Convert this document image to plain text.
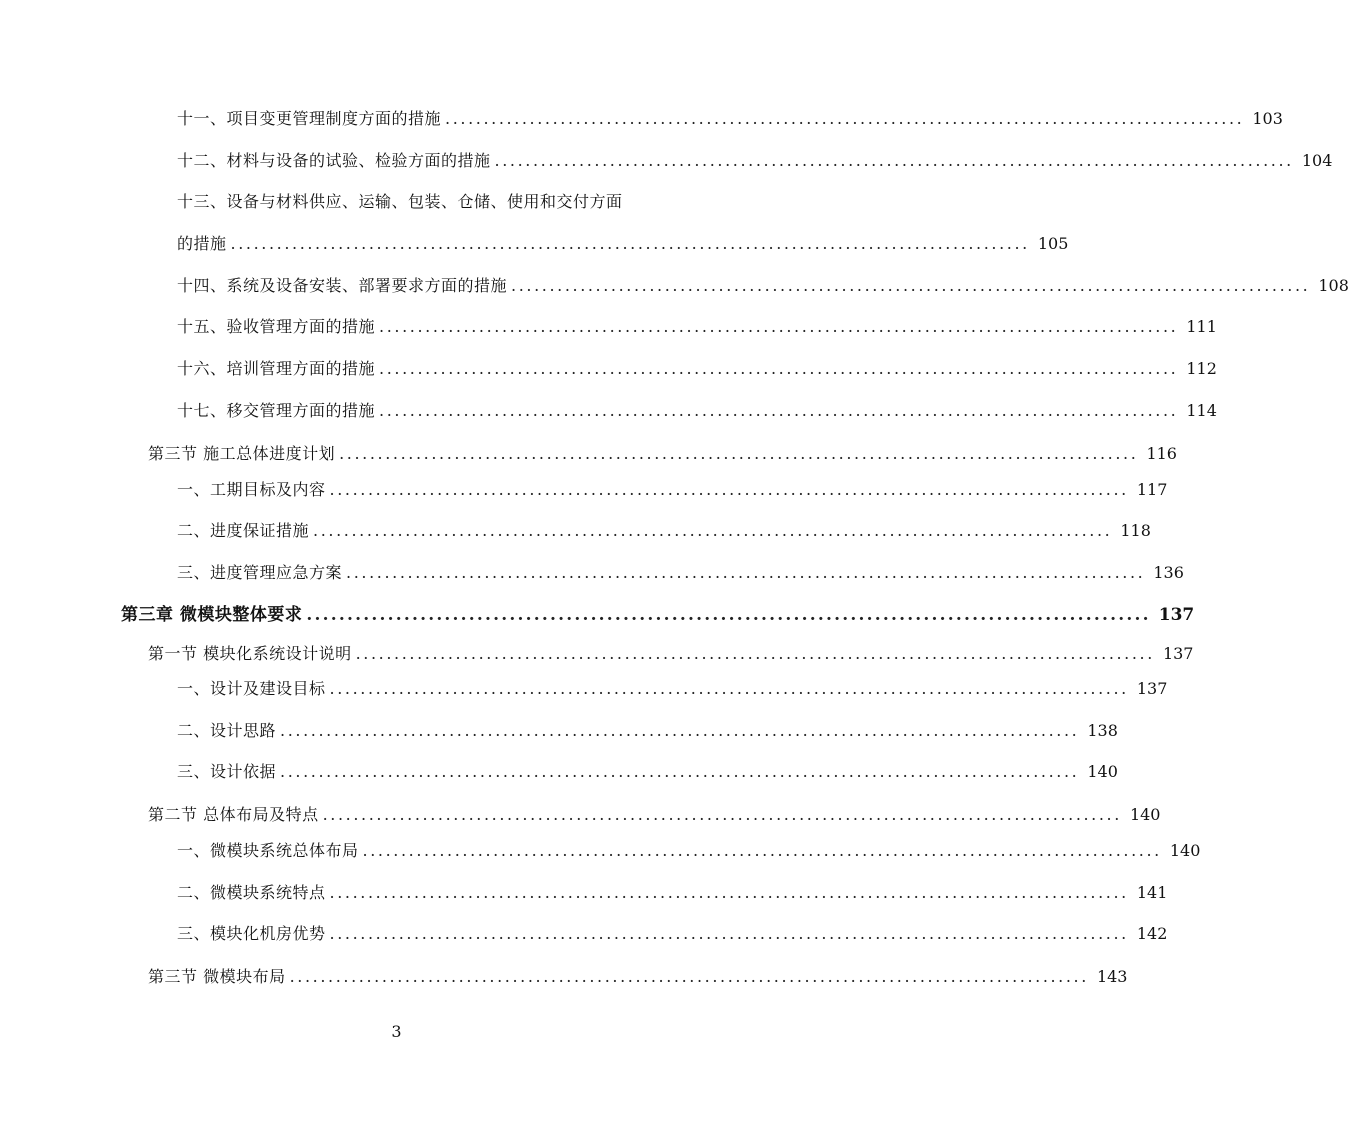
十一、项目变更管理制度方面的措施 ........................................................................................................ 103
十二、材料与设备的试验、检验方面的措施 ........................................................................................................ 104
十三、设备与材料供应、运输、包装、仓储、使用和交付方面
的措施 ........................................................................................................ 105
十四、系统及设备安装、部署要求方面的措施 ........................................................................................................ 108
十五、验收管理方面的措施 ........................................................................................................ 111
十六、培训管理方面的措施 ........................................................................................................ 112
十七、移交管理方面的措施 ........................................................................................................ 114
第三节 施工总体进度计划 ........................................................................................................ 116
一、工期目标及内容 ........................................................................................................ 117
二、进度保证措施 ........................................................................................................ 118
三、进度管理应急方案 ........................................................................................................ 136
第三章 微模块整体要求 ........................................................................................................ 137
第一节 模块化系统设计说明 ........................................................................................................ 137
一、设计及建设目标 ........................................................................................................ 137
二、设计思路 ........................................................................................................ 138
三、设计依据 ........................................................................................................ 140
第二节 总体布局及特点 ........................................................................................................ 140
一、微模块系统总体布局 ........................................................................................................ 140
二、微模块系统特点 ........................................................................................................ 141
三、模块化机房优势 ........................................................................................................ 142
第三节 微模块布局 ........................................................................................................ 143
3
